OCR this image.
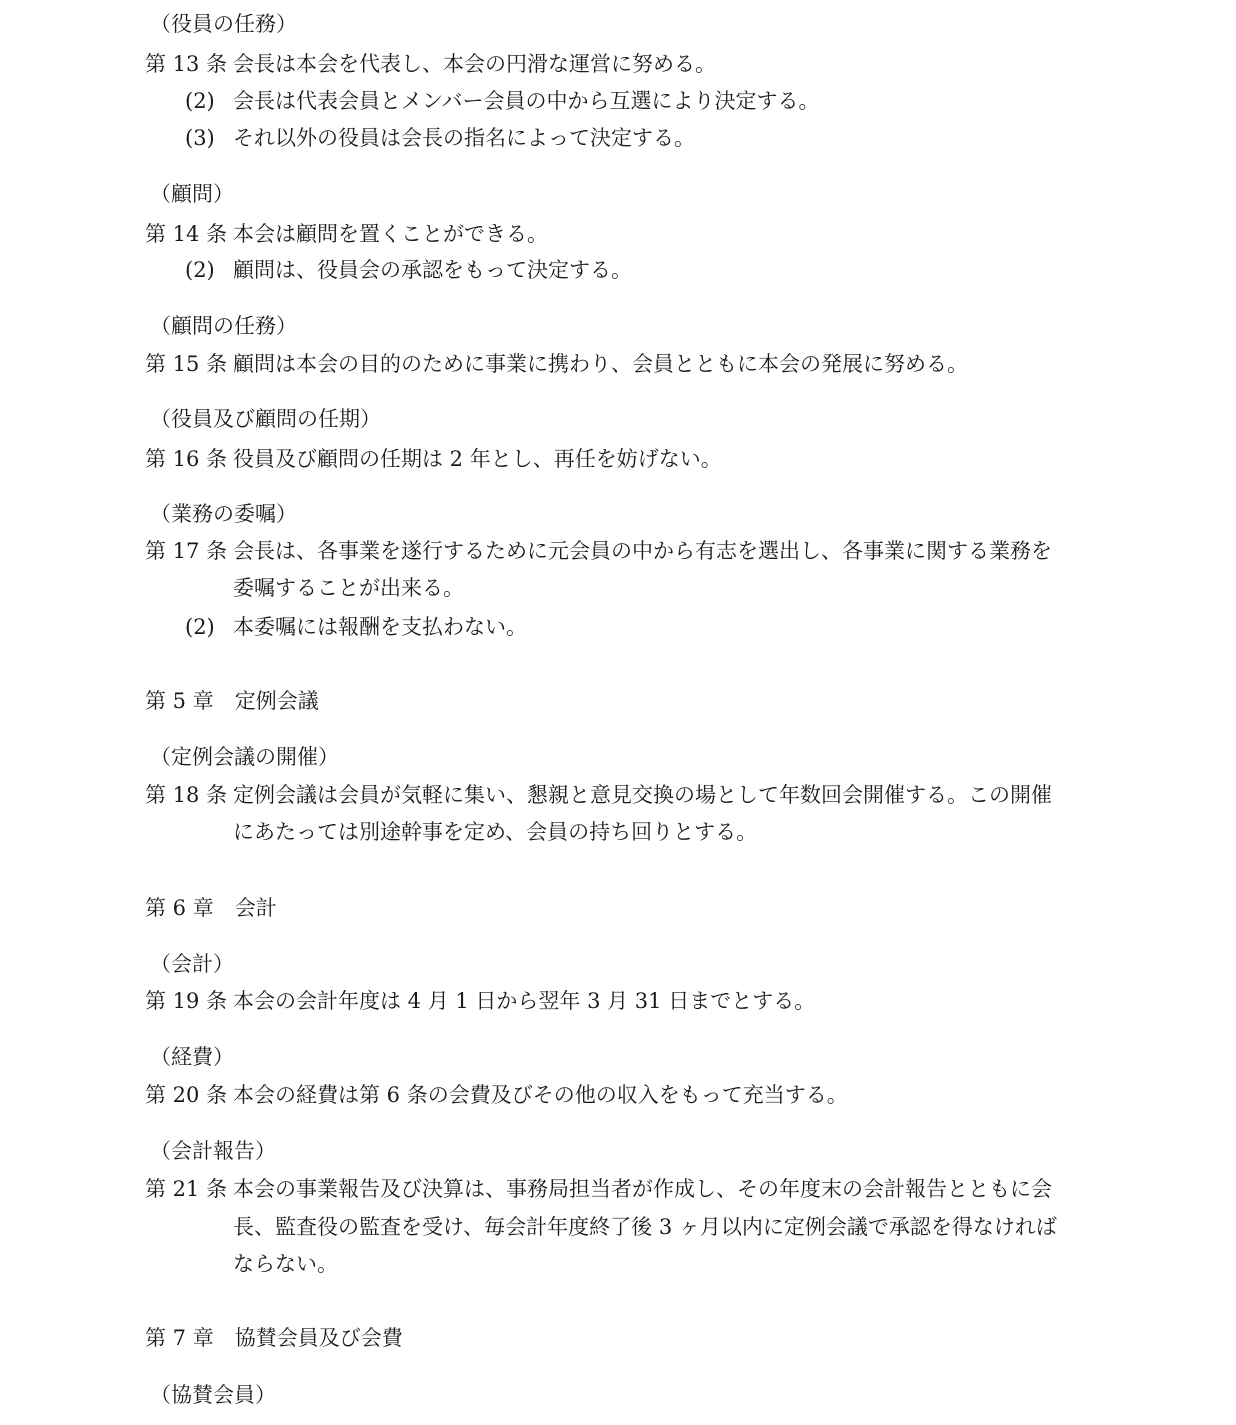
（役員の任務）
第 13 条 会長は本会を代表し、本会の円滑な運営に努める。
(2) 会長は代表会員とメンバー会員の中から互選により決定する。
(3) それ以外の役員は会長の指名によって決定する。
（顧問）
第 14 条 本会は顧問を置くことができる。
(2) 顧問は、役員会の承認をもって決定する。
（顧問の任務）
第 15 条 顧問は本会の目的のために事業に携わり、会員とともに本会の発展に努める。
（役員及び顧問の任期）
第 16 条 役員及び顧問の任期は 2 年とし、再任を妨げない。
（業務の委嘱）
第 17 条 会長は、各事業を遂行するために元会員の中から有志を選出し、各事業に関する業務を
委嘱することが出来る。
(2) 本委嘱には報酬を支払わない。
第 5 章　定例会議
（定例会議の開催）
第 18 条 定例会議は会員が気軽に集い、懇親と意見交換の場として年数回会開催する。この開催
にあたっては別途幹事を定め、会員の持ち回りとする。
第 6 章　会計
（会計）
第 19 条 本会の会計年度は 4 月 1 日から翌年 3 月 31 日までとする。
（経費）
第 20 条 本会の経費は第 6 条の会費及びその他の収入をもって充当する。
（会計報告）
第 21 条 本会の事業報告及び決算は、事務局担当者が作成し、その年度末の会計報告とともに会
長、監査役の監査を受け、毎会計年度終了後 3 ヶ月以内に定例会議で承認を得なければ
ならない。
第 7 章　協賛会員及び会費
（協賛会員）
